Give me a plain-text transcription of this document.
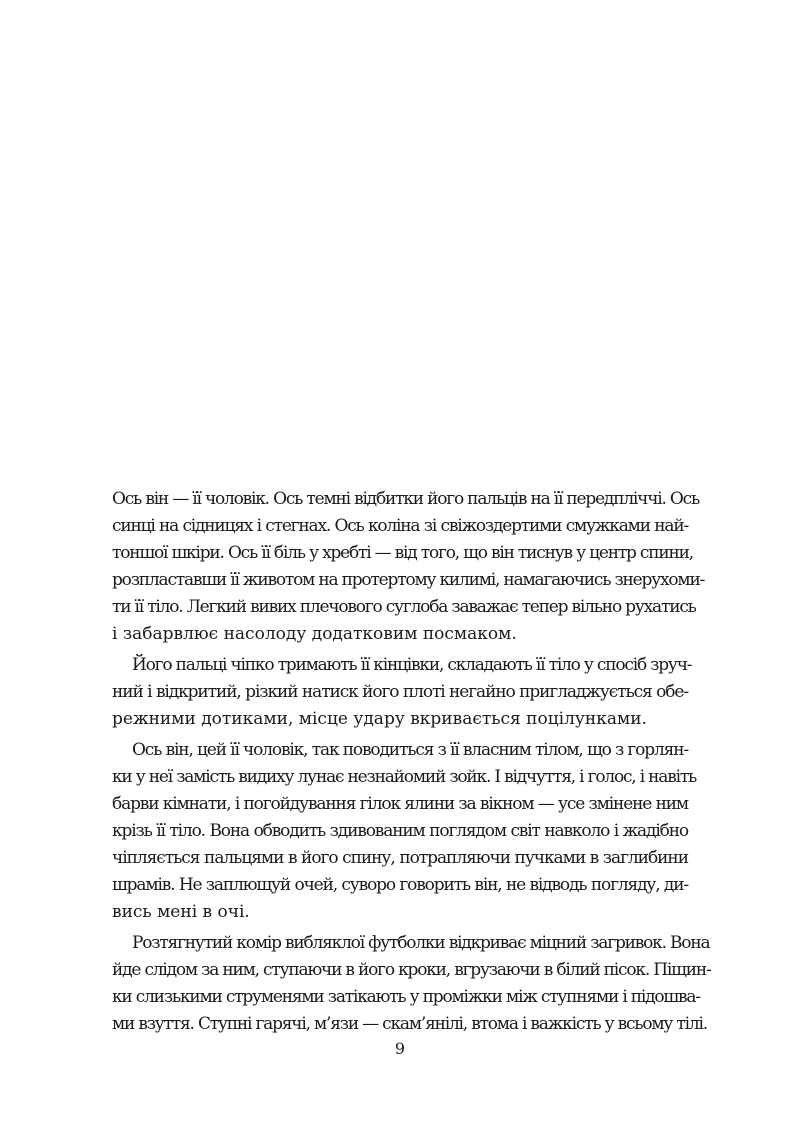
Ось він — її чоловік. Ось темні відбитки його пальців на її передпліччі. Ось
синці на сідницях і стегнах. Ось коліна зі свіжоздертими смужками най-
тоншої шкіри. Ось її біль у хребті — від того, що він тиснув у центр спини,
розпластавши її животом на протертому килимі, намагаючись знерухоми-
ти її тіло. Легкий вивих плечового суглоба заважає тепер вільно рухатись
і забарвлює насолоду додатковим посмаком.
Його пальці чіпко тримають її кінцівки, складають її тіло у спосіб зруч-
ний і відкритий, різкий натиск його плоті негайно пригладжується обе-
режними дотиками, місце удару вкривається поцілунками.
Ось він, цей її чоловік, так поводиться з її власним тілом, що з горлян-
ки у неї замість видиху лунає незнайомий зойк. І відчуття, і голос, і навіть
барви кімнати, і погойдування гілок ялини за вікном — усе змінене ним
крізь її тіло. Вона обводить здивованим поглядом світ навколо і жадібно
чіпляється пальцями в його спину, потрапляючи пучками в заглибини
шрамів. Не заплющуй очей, суворо говорить він, не відводь погляду, ди-
вись мені в очі.
Розтягнутий комір вибляклої футболки відкриває міцний загривок. Вона
йде слідом за ним, ступаючи в його кроки, вгрузаючи в білий пісок. Піщин-
ки слизькими струменями затікають у проміжки між ступнями і підошва-
ми взуття. Ступні гарячі, м’язи — скам’янілі, втома і важкість у всьому тілі.
9
